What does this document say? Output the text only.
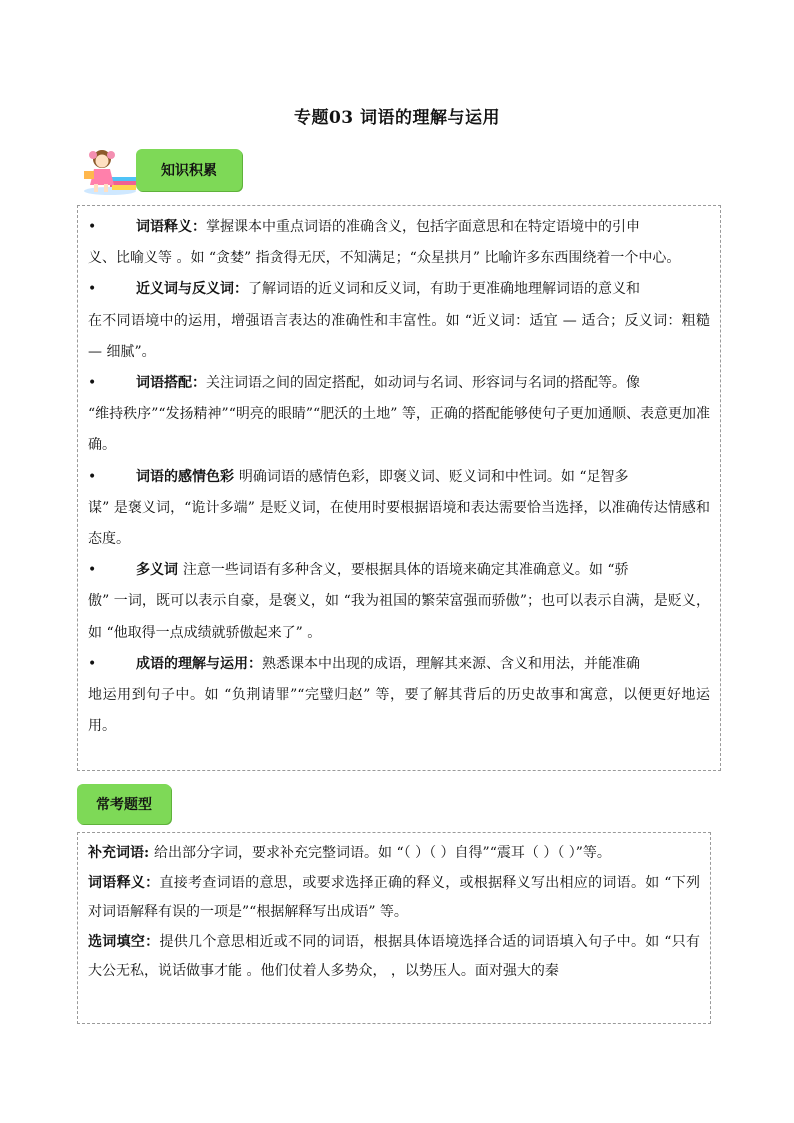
专题03 词语的理解与运用
知识积累
•	词语释义：掌握课本中重点词语的准确含义，包括字面意思和在特定语境中的引申
义、比喻义等 。如 “贪婪” 指贪得无厌，不知满足；“众星拱月” 比喻许多东西围绕着一个中心。
•	近义词与反义词：了解词语的近义词和反义词，有助于更准确地理解词语的意义和
在不同语境中的运用，增强语言表达的准确性和丰富性。如 “近义词：适宜 — 适合；反义词：粗糙 — 细腻”。
•	词语搭配：关注词语之间的固定搭配，如动词与名词、形容词与名词的搭配等。像
“维持秩序”“发扬精神”“明亮的眼睛”“肥沃的土地” 等，正确的搭配能够使句子更加通顺、表意更加准确。
•	词语的感情色彩 明确词语的感情色彩，即褒义词、贬义词和中性词。如 “足智多
谋” 是褒义词，“诡计多端” 是贬义词，在使用时要根据语境和表达需要恰当选择，以准确传达情感和态度。
•	多义词 注意一些词语有多种含义，要根据具体的语境来确定其准确意义。如 “骄
傲” 一词，既可以表示自豪，是褒义，如 “我为祖国的繁荣富强而骄傲”；也可以表示自满，是贬义，如 “他取得一点成绩就骄傲起来了” 。
•	成语的理解与运用：熟悉课本中出现的成语，理解其来源、含义和用法，并能准确
地运用到句子中。如 “负荆请罪”“完璧归赵” 等，要了解其背后的历史故事和寓意，以便更好地运用。
常考题型

补充词语: 给出部分字词，要求补充完整词语。如 “（ ）（ ）自得”“震耳（ ）（ ）”等。

词语释义：直接考查词语的意思，或要求选择正确的释义，或根据释义写出相应的词语。如 “下列对词语解释有误的一项是”“根据解释写出成语” 等。

选词填空：提供几个意思相近或不同的词语，根据具体语境选择合适的词语填入句子中。如 “只有大公无私，说话做事才能 。他们仗着人多势众， ，以势压人。面对强大的秦
